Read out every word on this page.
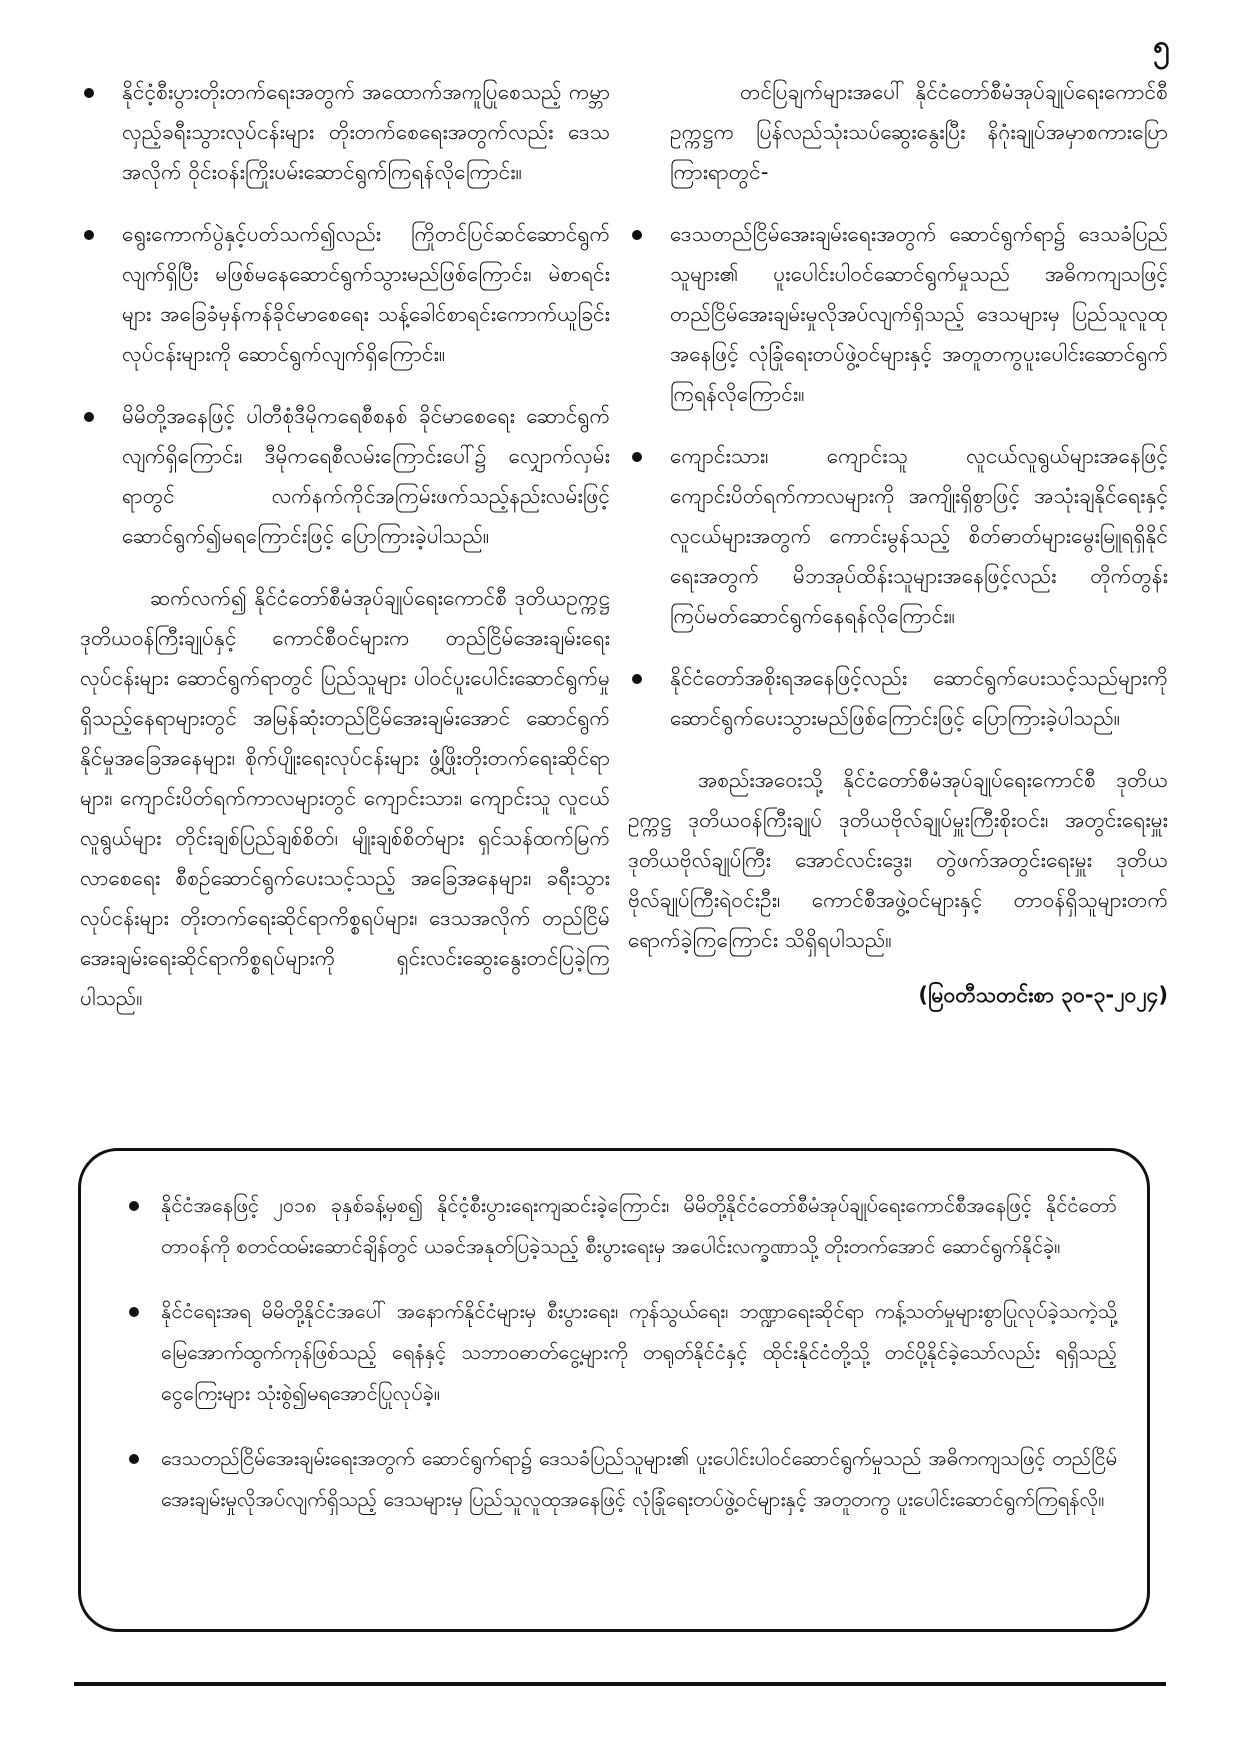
၅
နိုင်ငံ့စီးပွားတိုးတက်ရေးအတွက် အထောက်အကူပြုစေသည့် ကမ္ဘာလှည့်ခရီးသွားလုပ်ငန်းများ တိုးတက်စေရေးအတွက်လည်း ဒေသအလိုက် ဝိုင်းဝန်းကြိုးပမ်းဆောင်ရွက်ကြရန်လိုကြောင်း။
ရွေးကောက်ပွဲနှင့်ပတ်သက်၍လည်း ကြိုတင်ပြင်ဆင်ဆောင်ရွက်လျက်ရှိပြီး မဖြစ်မနေဆောင်ရွက်သွားမည်ဖြစ်ကြောင်း၊ မဲစာရင်းများ အခြေခံမှန်ကန်ခိုင်မာစေရေး သန့်ခေါင်စာရင်းကောက်ယူခြင်းလုပ်ငန်းများကို ဆောင်ရွက်လျက်ရှိကြောင်း။
မိမိတို့အနေဖြင့် ပါတီစုံဒီမိုကရေစီစနစ် ခိုင်မာစေရေး ဆောင်ရွက်လျက်ရှိကြောင်း၊ ဒီမိုကရေစီလမ်းကြောင်းပေါ်၌ လျှောက်လှမ်းရာတွင် လက်နက်ကိုင်အကြမ်းဖက်သည့်နည်းလမ်းဖြင့် ဆောင်ရွက်၍မရကြောင်းဖြင့် ပြောကြားခဲ့ပါသည်။
ဆက်လက်၍ နိုင်ငံတော်စီမံအုပ်ချုပ်ရေးကောင်စီ ဒုတိယဥက္ကဋ္ဌ ဒုတိယဝန်ကြီးချုပ်နှင့် ကောင်စီဝင်များက တည်ငြိမ်အေးချမ်းရေးလုပ်ငန်းများ ဆောင်ရွက်ရာတွင် ပြည်သူများ ပါဝင်ပူးပေါင်းဆောင်ရွက်မှုရှိသည့်နေရာများတွင် အမြန်ဆုံးတည်ငြိမ်အေးချမ်းအောင် ဆောင်ရွက်နိုင်မှုအခြေအနေများ၊ စိုက်ပျိုးရေးလုပ်ငန်းများ ဖွံ့ဖြိုးတိုးတက်ရေးဆိုင်ရာများ၊ ကျောင်းပိတ်ရက်ကာလများတွင် ကျောင်းသား၊ ကျောင်းသူ လူငယ်လူရွယ်များ တိုင်းချစ်ပြည်ချစ်စိတ်၊ မျိုးချစ်စိတ်များ ရှင်သန်ထက်မြက်လာစေရေး စီစဉ်ဆောင်ရွက်ပေးသင့်သည့် အခြေအနေများ၊ ခရီးသွားလုပ်ငန်းများ တိုးတက်ရေးဆိုင်ရာကိစ္စရပ်များ၊ ဒေသအလိုက် တည်ငြိမ်အေးချမ်းရေးဆိုင်ရာကိစ္စရပ်များကို ရှင်းလင်းဆွေးနွေးတင်ပြခဲ့ကြပါသည်။
တင်ပြချက်များအပေါ် နိုင်ငံတော်စီမံအုပ်ချုပ်ရေးကောင်စီ ဥက္ကဋ္ဌက ပြန်လည်သုံးသပ်ဆွေးနွေးပြီး နိဂုံးချုပ်အမှာစကားပြောကြားရာတွင်-
ဒေသတည်ငြိမ်အေးချမ်းရေးအတွက် ဆောင်ရွက်ရာ၌ ဒေသခံပြည်သူများ၏ ပူးပေါင်းပါဝင်ဆောင်ရွက်မှုသည် အဓိကကျသဖြင့် တည်ငြိမ်အေးချမ်းမှုလိုအပ်လျက်ရှိသည့် ဒေသများမှ ပြည်သူလူထုအနေဖြင့် လုံခြုံရေးတပ်ဖွဲ့ဝင်များနှင့် အတူတကွပူးပေါင်းဆောင်ရွက်ကြရန်လိုကြောင်း။
ကျောင်းသား၊ ကျောင်းသူ လူငယ်လူရွယ်များအနေဖြင့် ကျောင်းပိတ်ရက်ကာလများကို အကျိုးရှိစွာဖြင့် အသုံးချနိုင်ရေးနှင့် လူငယ်များအတွက် ကောင်းမွန်သည့် စိတ်ဓာတ်များမွေးမြူရရှိနိုင်ရေးအတွက် မိဘအုပ်ထိန်းသူများအနေဖြင့်လည်း တိုက်တွန်းကြပ်မတ်ဆောင်ရွက်နေရန်လိုကြောင်း။
နိုင်ငံတော်အစိုးရအနေဖြင့်လည်း ဆောင်ရွက်ပေးသင့်သည်များကို ဆောင်ရွက်ပေးသွားမည်ဖြစ်ကြောင်းဖြင့် ပြောကြားခဲ့ပါသည်။
အစည်းအဝေးသို့ နိုင်ငံတော်စီမံအုပ်ချုပ်ရေးကောင်စီ ဒုတိယဥက္ကဋ္ဌ ဒုတိယဝန်ကြီးချုပ် ဒုတိယဗိုလ်ချုပ်မှူးကြီးစိုးဝင်း၊ အတွင်းရေးမှူး ဒုတိယဗိုလ်ချုပ်ကြီး အောင်လင်းဒွေး၊ တွဲဖက်အတွင်းရေးမှူး ဒုတိယဗိုလ်ချုပ်ကြီးရဲဝင်းဦး၊ ကောင်စီအဖွဲ့ဝင်များနှင့် တာဝန်ရှိသူများတက်ရောက်ခဲ့ကြကြောင်း သိရှိရပါသည်။
(မြဝတီသတင်းစာ ၃၀-၃-၂၀၂၄)
နိုင်ငံအနေဖြင့် ၂၀၁၈ ခုနှစ်ခန့်မှစ၍ နိုင်ငံ့စီးပွားရေးကျဆင်းခဲ့ကြောင်း၊ မိမိတို့နိုင်ငံတော်စီမံအုပ်ချုပ်ရေးကောင်စီအနေဖြင့် နိုင်ငံတော်တာဝန်ကို စတင်ထမ်းဆောင်ချိန်တွင် ယခင်အနုတ်ပြခဲ့သည့် စီးပွားရေးမှ အပေါင်းလက္ခဏာသို့ တိုးတက်အောင် ဆောင်ရွက်နိုင်ခဲ့။
နိုင်ငံရေးအရ မိမိတို့နိုင်ငံအပေါ် အနောက်နိုင်ငံများမှ စီးပွားရေး၊ ကုန်သွယ်ရေး၊ ဘဏ္ဍာရေးဆိုင်ရာ ကန့်သတ်မှုများစွာပြုလုပ်ခဲ့သကဲ့သို့ မြေအောက်ထွက်ကုန်ဖြစ်သည့် ရေနံနှင့် သဘာဝဓာတ်ငွေ့များကို တရုတ်နိုင်ငံနှင့် ထိုင်းနိုင်ငံတို့သို့ တင်ပို့နိုင်ခဲ့သော်လည်း ရရှိသည့်ငွေကြေးများ သုံးစွဲ၍မရအောင်ပြုလုပ်ခဲ့။
ဒေသတည်ငြိမ်အေးချမ်းရေးအတွက် ဆောင်ရွက်ရာ၌ ဒေသခံပြည်သူများ၏ ပူးပေါင်းပါဝင်ဆောင်ရွက်မှုသည် အဓိကကျသဖြင့် တည်ငြိမ်အေးချမ်းမှုလိုအပ်လျက်ရှိသည့် ဒေသများမှ ပြည်သူလူထုအနေဖြင့် လုံခြုံရေးတပ်ဖွဲ့ဝင်များနှင့် အတူတကွ ပူးပေါင်းဆောင်ရွက်ကြရန်လို။
